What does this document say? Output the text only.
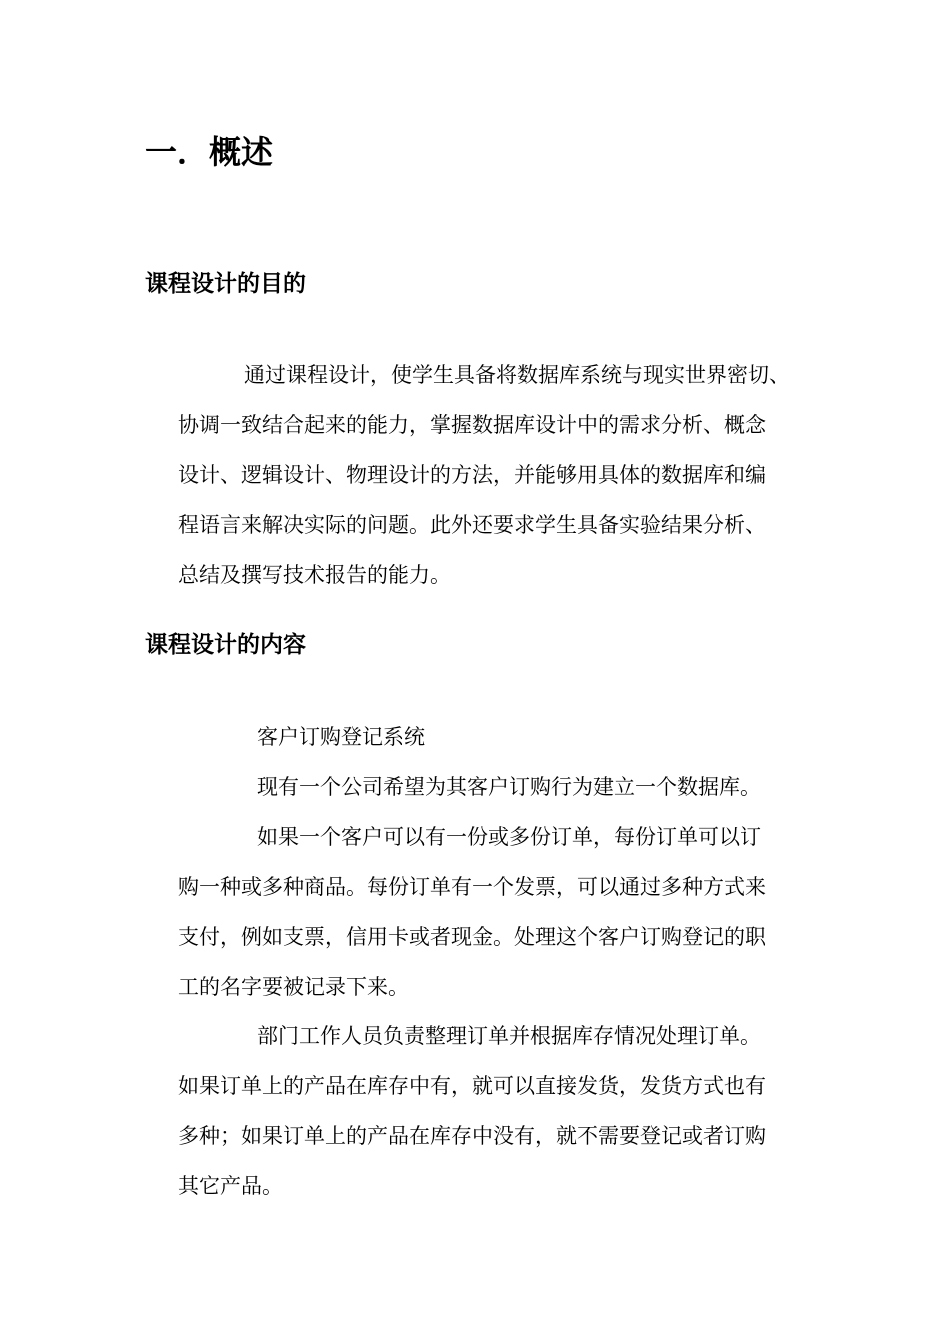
一．概述
课程设计的目的
通过课程设计，使学生具备将数据库系统与现实世界密切、
协调一致结合起来的能力，掌握数据库设计中的需求分析、概念
设计、逻辑设计、物理设计的方法，并能够用具体的数据库和编
程语言来解决实际的问题。此外还要求学生具备实验结果分析、
总结及撰写技术报告的能力。
课程设计的内容
客户订购登记系统
现有一个公司希望为其客户订购行为建立一个数据库。
如果一个客户可以有一份或多份订单，每份订单可以订
购一种或多种商品。每份订单有一个发票，可以通过多种方式来
支付，例如支票，信用卡或者现金。处理这个客户订购登记的职
工的名字要被记录下来。
部门工作人员负责整理订单并根据库存情况处理订单。
如果订单上的产品在库存中有，就可以直接发货，发货方式也有
多种；如果订单上的产品在库存中没有，就不需要登记或者订购
其它产品。
